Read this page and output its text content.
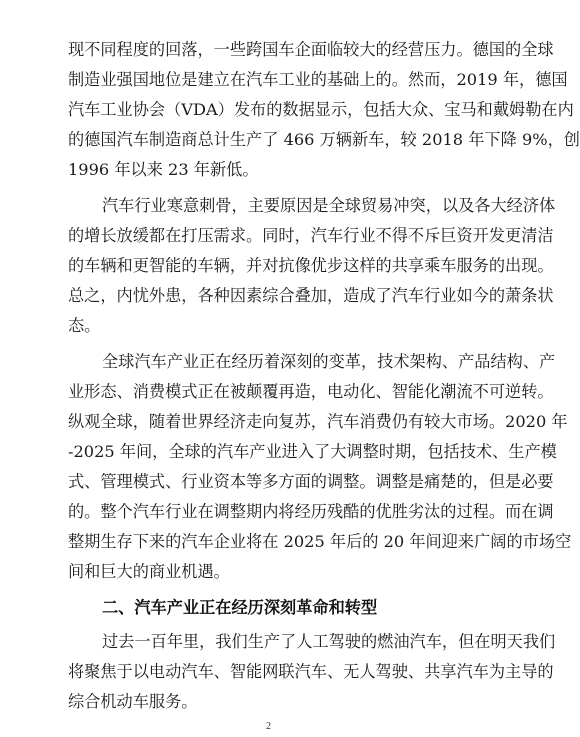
现不同程度的回落，一些跨国车企面临较大的经营压力。德国的全球
制造业强国地位是建立在汽车工业的基础上的。然而，2019 年，德国
汽车工业协会（VDA）发布的数据显示，包括大众、宝马和戴姆勒在内
的德国汽车制造商总计生产了 466 万辆新车，较 2018 年下降 9%，创
1996 年以来 23 年新低。
汽车行业寒意刺骨，主要原因是全球贸易冲突，以及各大经济体
的增长放缓都在打压需求。同时，汽车行业不得不斥巨资开发更清洁
的车辆和更智能的车辆，并对抗像优步这样的共享乘车服务的出现。
总之，内忧外患，各种因素综合叠加，造成了汽车行业如今的萧条状
态。
全球汽车产业正在经历着深刻的变革，技术架构、产品结构、产
业形态、消费模式正在被颠覆再造，电动化、智能化潮流不可逆转。
纵观全球，随着世界经济走向复苏，汽车消费仍有较大市场。2020 年
-2025 年间，全球的汽车产业进入了大调整时期，包括技术、生产模
式、管理模式、行业资本等多方面的调整。调整是痛楚的，但是必要
的。整个汽车行业在调整期内将经历残酷的优胜劣汰的过程。而在调
整期生存下来的汽车企业将在 2025 年后的 20 年间迎来广阔的市场空
间和巨大的商业机遇。
二、汽车产业正在经历深刻革命和转型
2
过去一百年里，我们生产了人工驾驶的燃油汽车，但在明天我们
将聚焦于以电动汽车、智能网联汽车、无人驾驶、共享汽车为主导的
综合机动车服务。
